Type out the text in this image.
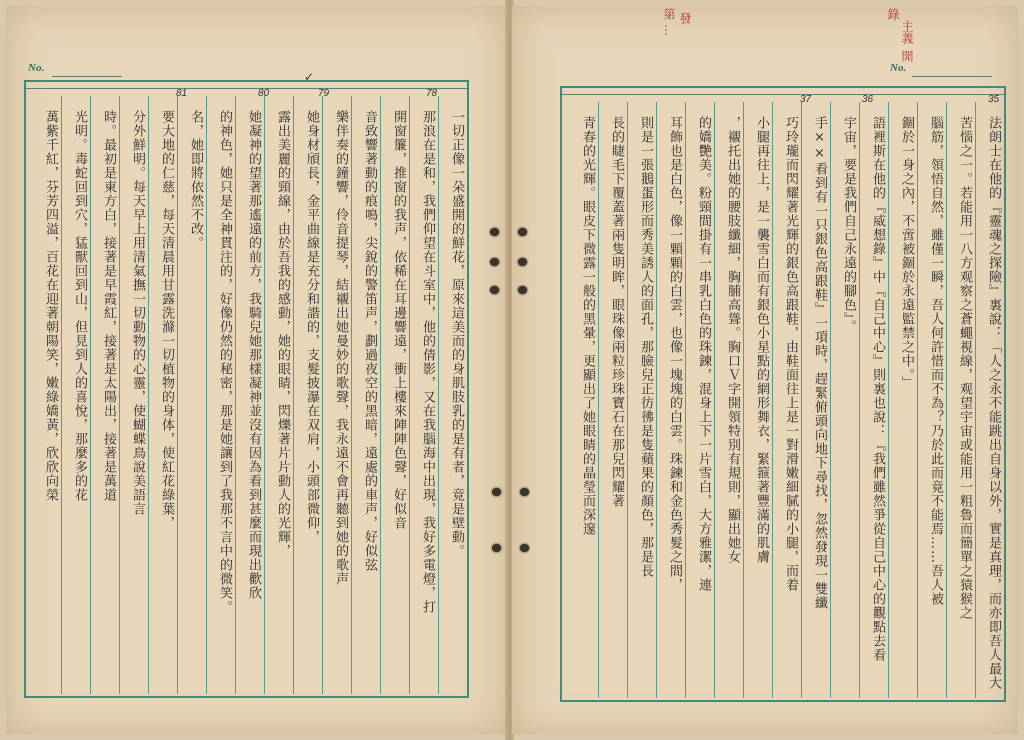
No.
✓
81	80	79	78
一切正像一朵盛開的鮮花，原來這美而的身肌肢乳的是有者，竟是壁動。
那浪在是和，我們仰望在斗室中，他的倩影，又在我腦海中出現，我好多電燈，打
開窗簾，推窗的我声，依稀在耳邊響遠，衝上樓來陣陣色聲，好似音
音致響著動的痕鳴，尖銳的警笛声，劃過夜空的黑暗，遠處的車声，好似弦
樂伴奏的鐘響，伶音提琴，結襯出她曼妙的歌聲，我永遠不會再聽到她的歌声
她身材頎長，金平曲線是充分和諧的，支髮披瀑在双肩，小頭部微仰，
露出美麗的頸線，由於吾我的感動，她的眼睛，閃爍著片片動人的光輝，
她凝神的望著那遙遠的前方，我騎兒她那樣凝神並沒有因為看到甚麼而現出歡欣
的神色，她只是全神貫注的，好像仍然的秘密，那是她讓到了我那不言中的微笑。
名，她即將依然不改。
要大地的仁慈，每天清晨用甘露洗滌一切植物的身体，使紅花綠葉，
分外鮮明。每天早上用清氣撫一切動物的心靈，使蝴蝶鳥說美語言
時。最初是東方白，接著是早霞紅，接著是太陽出，接著是萬道
光明。毒蛇回到穴，猛獸回到山，但見到人的喜悅，那麼多的花
萬紫千紅，芬芳四溢，百花在迎著朝陽笑，嫩綠嬌黃，欣欣向榮
第 … 發	錄
主義
開
No.
35
36
37
法朗士在他的『靈魂之探險』裏說：「人之永不能跳出自身以外，實是真理，而亦即吾人最大
苦惱之一。若能用一八方观察之蒼蠅視線，观望宇宙或能用一粗魯而簡單之猿猴之
腦筋，領悟自然，雖僅一瞬，吾人何許惜而不為？乃於此而竟不能焉……吾人被
錮於一身之內，不啻被錮於永遠監禁之中。」
語裡斯在他的『威想錄』中『自己中心』則裏也說：『我們雖然爭從自己中心的觀點去看
宇宙，要是我們自己永遠的腳色』。
手××看到有一只銀色高跟鞋』一項時，趕緊俯頭向地下尋找，忽然發現一雙纖
巧玲瓏而閃耀著光輝的銀色高跟鞋，由鞋面往上是一對滑嫩細膩的小腿，而着
小腿再往上，是一襲雪白而有銀色小星點的網形舞衣，緊箍著豐滿的肌膚
，襯托出她的腰肢纖細，胸脯高聳。胸口Ｖ字開領特別有規則，顯出她女
的嬌艷美。粉頸間掛有一串乳白色的珠鍊，混身上下一片雪白，大方雅潔，連
耳飾也是白色，像一顆顆的白雲，也像一塊塊的白雲。珠鍊和金色秀髮之間，
則是一張鵝蛋形而秀美誘人的面孔，那臉兒正彷彿是隻蘋果的顏色，那是長
長的睫毛下覆蓋著兩隻明眸，眼珠像兩粒珍珠寶石在那兒閃耀著
青春的光輝。眼皮下微露一般的黑暈，更顯出了她眼睛的晶瑩而深邃
